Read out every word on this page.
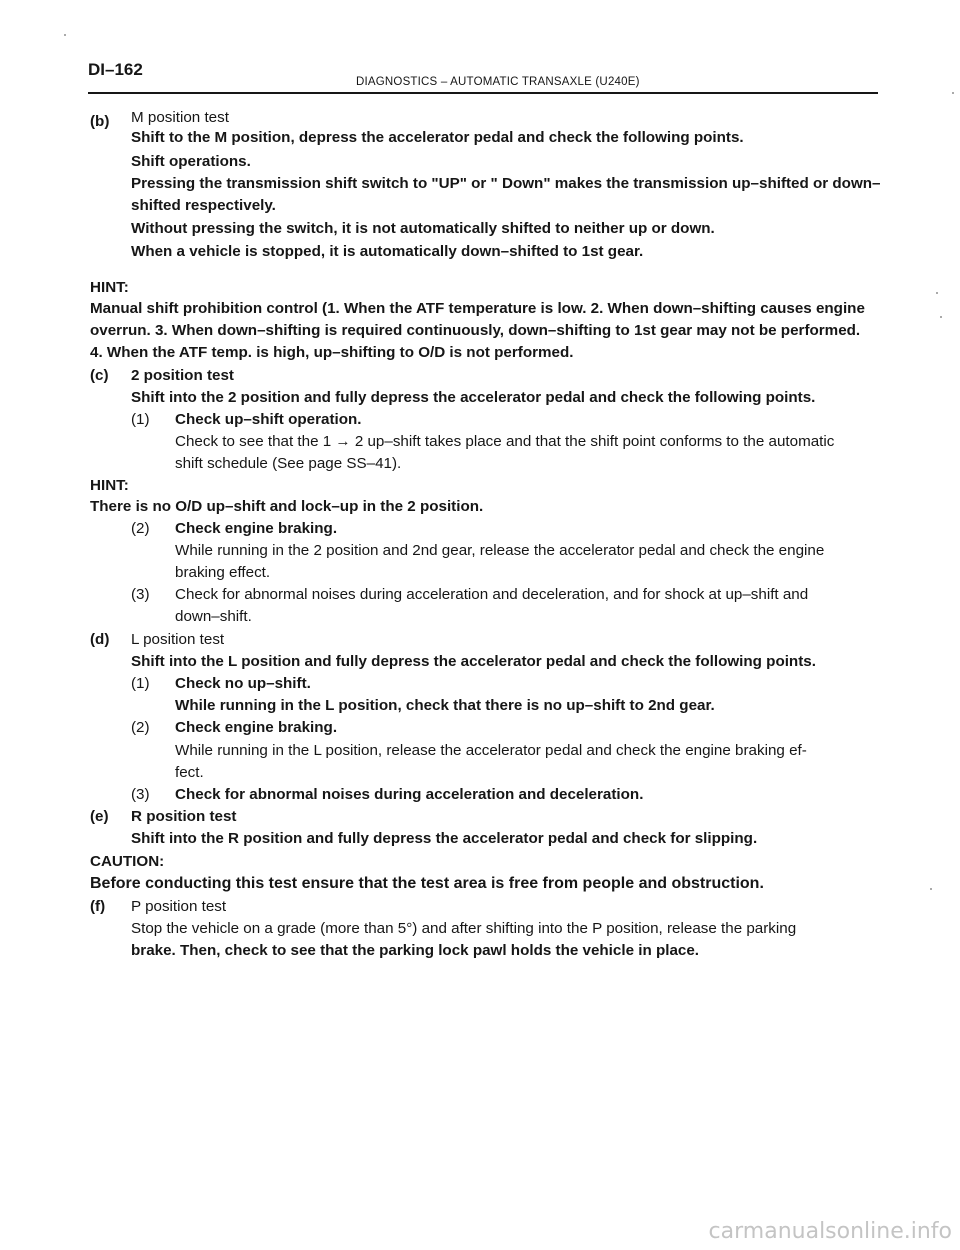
DI–162
DIAGNOSTICS – AUTOMATIC TRANSAXLE (U240E)
(b) M position test
Shift to the M position, depress the accelerator pedal and check the following points.
Shift operations.
Pressing the transmission shift switch to "UP" or " Down" makes the transmission up–shifted or down–
shifted respectively.
Without pressing the switch, it is not automatically shifted to neither up or down.
When a vehicle is stopped, it is automatically down–shifted to 1st gear.
HINT:
Manual shift prohibition control (1. When the ATF temperature is low. 2. When down–shifting causes engine
overrun. 3. When down–shifting is required continuously, down–shifting to 1st gear may not be performed.
4. When the ATF temp. is high, up–shifting to O/D is not performed.
(c) 2 position test
Shift into the 2 position and fully depress the accelerator pedal and check the following points.
(1) Check up–shift operation.
Check to see that the 1 → 2 up–shift takes place and that the shift point conforms to the automatic
shift schedule (See page SS–41).
HINT:
There is no O/D up–shift and lock–up in the 2 position.
(2) Check engine braking.
While running in the 2 position and 2nd gear, release the accelerator pedal and check the engine
braking effect.
(3) Check for abnormal noises during acceleration and deceleration, and for shock at up–shift and
down–shift.
(d) L position test
Shift into the L position and fully depress the accelerator pedal and check the following points.
(1) Check no up–shift.
While running in the L position, check that there is no up–shift to 2nd gear.
(2) Check engine braking.
While running in the L position, release the accelerator pedal and check the engine braking ef-
fect.
(3) Check for abnormal noises during acceleration and deceleration.
(e) R position test
Shift into the R position and fully depress the accelerator pedal and check for slipping.
CAUTION:
Before conducting this test ensure that the test area is free from people and obstruction.
(f) P position test
Stop the vehicle on a grade (more than 5°) and after shifting into the P position, release the parking
brake. Then, check to see that the parking lock pawl holds the vehicle in place.
carmanualsonline.info
